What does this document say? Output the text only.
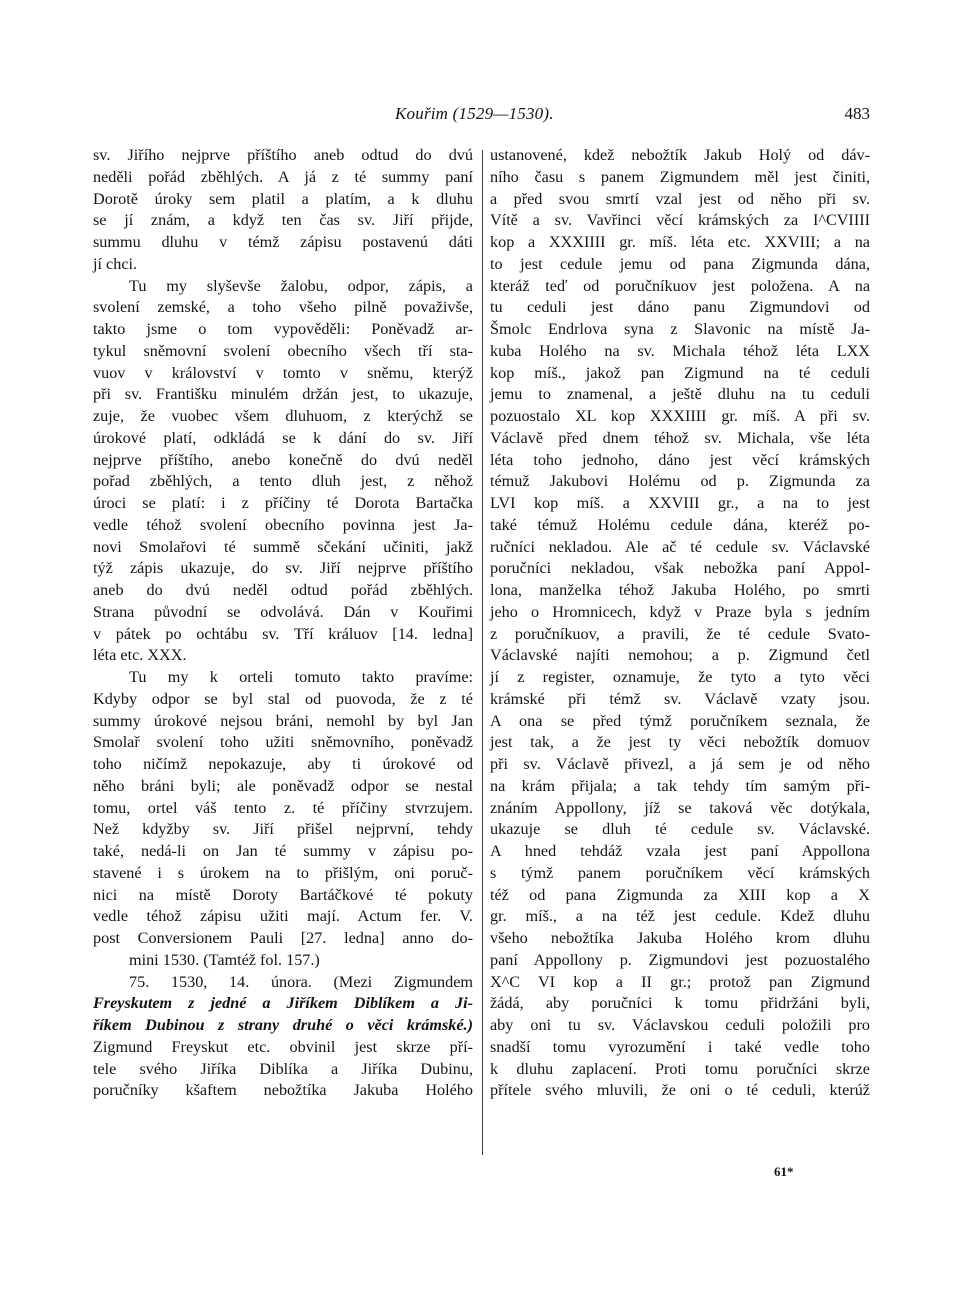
Kouřim (1529—1530).	483
sv. Jiřího nejprve příštího aneb odtud do dvú
neděli pořád zběhlých. A já z té summy paní
Dorotě úroky sem platil a platím, a k dluhu
se jí znám, a když ten čas sv. Jiří přijde,
summu dluhu v témž zápisu postavenú dáti
jí chci.
Tu my slyševše žalobu, odpor, zápis, a
svolení zemské, a toho všeho pilně považivše,
takto jsme o tom vypověděli: Poněvadž ar-
tykul sněmovní svolení obecního všech tří sta-
vuov v království v tomto v sněmu, kterýž
při sv. Františku minulém držán jest, to ukazuje,
zuje, že vuobec všem dluhuom, z kterýchž se
úrokové platí, odkládá se k dání do sv. Jiří
nejprve příštího, anebo konečně do dvú neděl
pořad zběhlých, a tento dluh jest, z něhož
úroci se platí: i z příčiny té Dorota Bartačka
vedle téhož svolení obecního povinna jest Ja-
novi Smolařovi té summě sčekání učiniti, jakž
týž zápis ukazuje, do sv. Jiří nejprve příštího
aneb do dvú neděl odtud pořád zběhlých.
Strana původní se odvolává. Dán v Kouřimi
v pátek po ochtábu sv. Tří králuov [14. ledna]
léta etc. XXX.
Tu my k orteli tomuto takto pravíme:
Kdyby odpor se byl stal od puovoda, že z té
summy úrokové nejsou bráni, nemohl by byl Jan
Smolař svolení toho užiti sněmovního, poněvadž
toho ničímž nepokazuje, aby ti úrokové od
něho bráni byli; ale poněvadž odpor se nestal
tomu, ortel váš tento z. té příčiny stvrzujem.
Než kdyžby sv. Jiří přišel nejprvní, tehdy
také, nedá-li on Jan té summy v zápisu po-
stavené i s úrokem na to přišlým, oni poruč-
nici na místě Doroty Bartáčkové té pokuty
vedle téhož zápisu užiti mají. Actum fer. V.
post Conversionem Pauli [27. ledna] anno do-
mini 1530. (Tamtéž fol. 157.)
75. 1530, 14. února. (Mezi Zigmundem
Freyskutem z jedné a Jiříkem Diblíkem a Ji-
říkem Dubinou z strany druhé o věci krámské.)
Zigmund Freyskut etc. obvinil jest skrze pří-
tele svého Jiříka Diblíka a Jiříka Dubinu,
poručníky kšaftem nebožtíka Jakuba Holého
ustanovené, kdež nebožtík Jakub Holý od dáv-
ního času s panem Zigmundem měl jest činiti,
a před svou smrtí vzal jest od něho při sv.
Vítě a sv. Vavřinci věcí krámských za I^CVIIII
kop a XXXIIII gr. míš. léta etc. XXVIII; a na
to jest cedule jemu od pana Zigmunda dána,
kteráž teď od poručníkuov jest položena. A na
tu ceduli jest dáno panu Zigmundovi od
Šmolc Endrlova syna z Slavonic na místě Ja-
kuba Holého na sv. Michala téhož léta LXX
kop míš., jakož pan Zigmund na té ceduli
jemu to znamenal, a ještě dluhu na tu ceduli
pozuostalo XL kop XXXIIII gr. míš. A při sv.
Václavě před dnem téhož sv. Michala, vše léta
léta toho jednoho, dáno jest věcí krámských
témuž Jakubovi Holému od p. Zigmunda za
LVI kop míš. a XXVIII gr., a na to jest
také témuž Holému cedule dána, kteréž po-
ručníci nekladou. Ale ač té cedule sv. Václavské
poručníci nekladou, však nebožka paní Appol-
lona, manželka téhož Jakuba Holého, po smrti
jeho o Hromnicech, když v Praze byla s jedním
z poručníkuov, a pravili, že té cedule Svato-
Václavské najíti nemohou; a p. Zigmund četl
jí z register, oznamuje, že tyto a tyto věci
krámské při témž sv. Václavě vzaty jsou.
A ona se před týmž poručníkem seznala, že
jest tak, a že jest ty věci nebožtík domuov
při sv. Václavě přivezl, a já sem je od něho
na krám přijala; a tak tehdy tím samým při-
znáním Appollony, jíž se taková věc dotýkala,
ukazuje se dluh té cedule sv. Václavské.
A hned tehdáž vzala jest paní Appollona
s týmž panem poručníkem věcí krámských
též od pana Zigmunda za XIII kop a X
gr. míš., a na též jest cedule. Kdež dluhu
všeho nebožtíka Jakuba Holého krom dluhu
paní Appollony p. Zigmundovi jest pozuostalého
X^C VI kop a II gr.; protož pan Zigmund
žádá, aby poručníci k tomu přidržáni byli,
aby oni tu sv. Václavskou ceduli položili pro
snadší tomu vyrozumění i také vedle toho
k dluhu zaplacení. Proti tomu poručníci skrze
přítele svého mluvili, že oni o té ceduli, kterúž
61*
